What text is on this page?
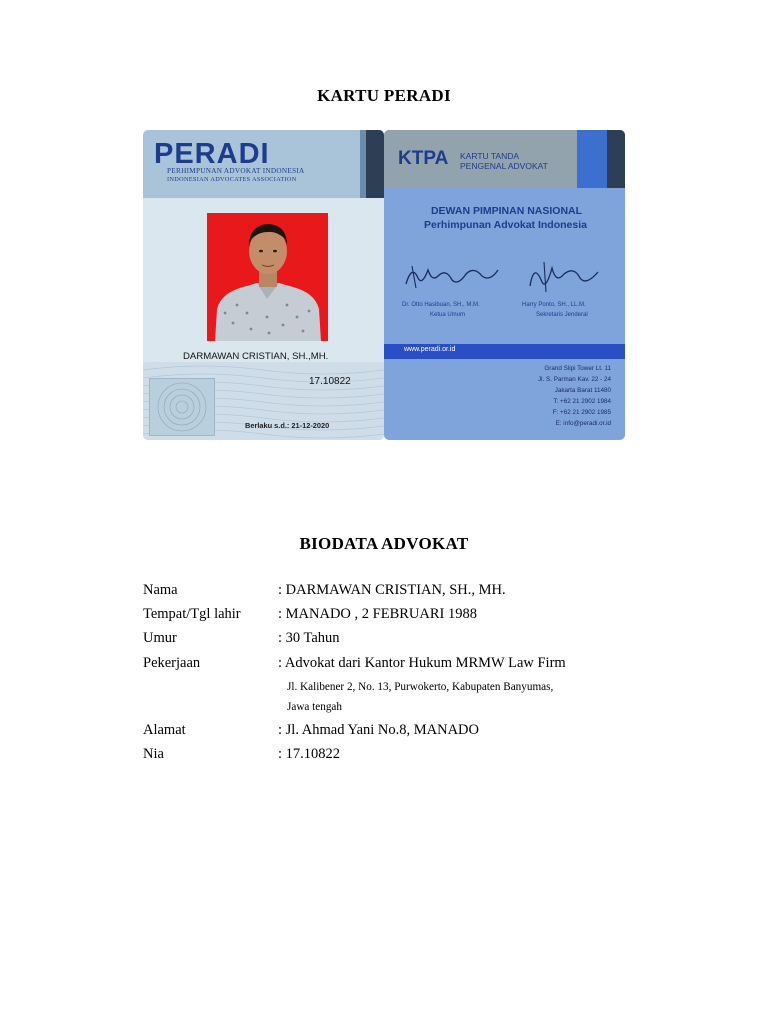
KARTU PERADI
PERADI
PERHIMPUNAN ADVOKAT INDONESIA
INDONESIAN ADVOCATES ASSOCIATION
DARMAWAN CRISTIAN, SH.,MH.
17.10822
Berlaku s.d.: 21-12-2020
KTPA KARTU TANDA
PENGENAL ADVOKAT
DEWAN PIMPINAN NASIONAL
Perhimpunan Advokat Indonesia
Dr. Otto Hasibuan, SH., M.M.
Ketua Umum
Harry Ponto, SH., LL.M.
Sekretaris Jenderal
www.peradi.or.id
Grand Slipi Tower Lt. 11
Jl. S. Parman Kav. 22 - 24
Jakarta Barat 11480
T: +62 21 2902 1984
F: +62 21 2902 1985
E: info@peradi.or.id
BIODATA ADVOKAT
Nama	: DARMAWAN CRISTIAN, SH., MH.
Tempat/Tgl lahir	: MANADO , 2 FEBRUARI 1988
Umur	: 30 Tahun
Pekerjaan	: Advokat dari Kantor Hukum MRMW Law Firm
Jl. Kalibener 2, No. 13, Purwokerto, Kabupaten Banyumas,
Jawa tengah
Alamat	: Jl. Ahmad Yani No.8, MANADO
Nia	: 17.10822
